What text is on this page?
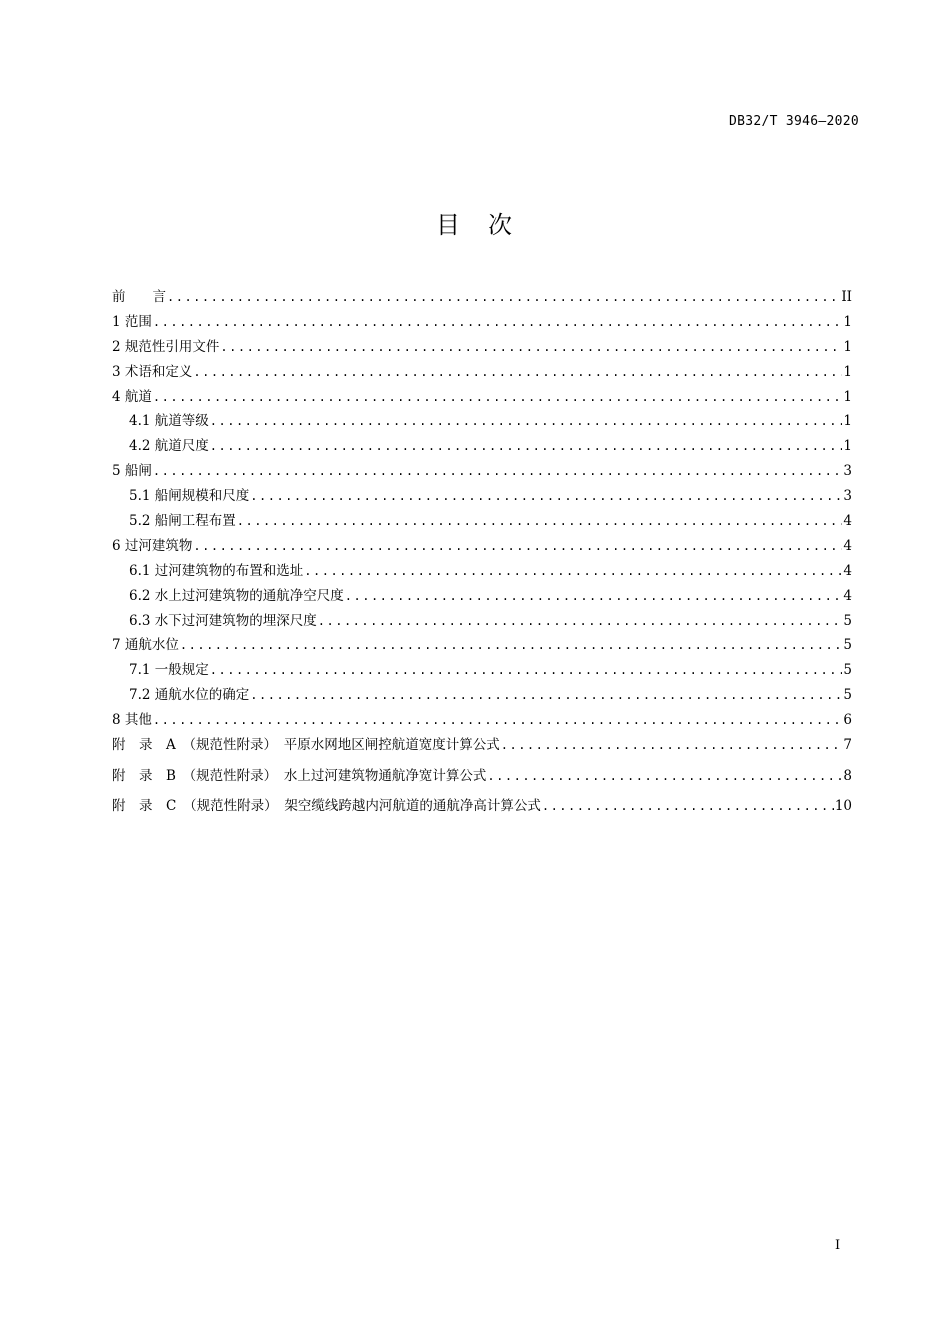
DB32/T 3946—2020
目　次
前　　言 .....	II
1 范围 .....	1
2 规范性引用文件 .....	1
3 术语和定义 .....	1
4 航道 .....	1
4.1 航道等级 .....	1
4.2 航道尺度 .....	1
5 船闸 .....	3
5.1 船闸规模和尺度 .....	3
5.2 船闸工程布置 .....	4
6 过河建筑物 .....	4
6.1 过河建筑物的布置和选址 .....	4
6.2 水上过河建筑物的通航净空尺度 .....	4
6.3 水下过河建筑物的埋深尺度 .....	5
7 通航水位 .....	5
7.1 一般规定 .....	5
7.2 通航水位的确定 .....	5
8 其他 .....	6
附　录　A　（规范性附录）　平原水网地区闸控航道宽度计算公式 .....	7
附　录　B　（规范性附录）　水上过河建筑物通航净宽计算公式 .....	8
附　录　C　（规范性附录）　架空缆线跨越内河航道的通航净高计算公式 .....	10
I
